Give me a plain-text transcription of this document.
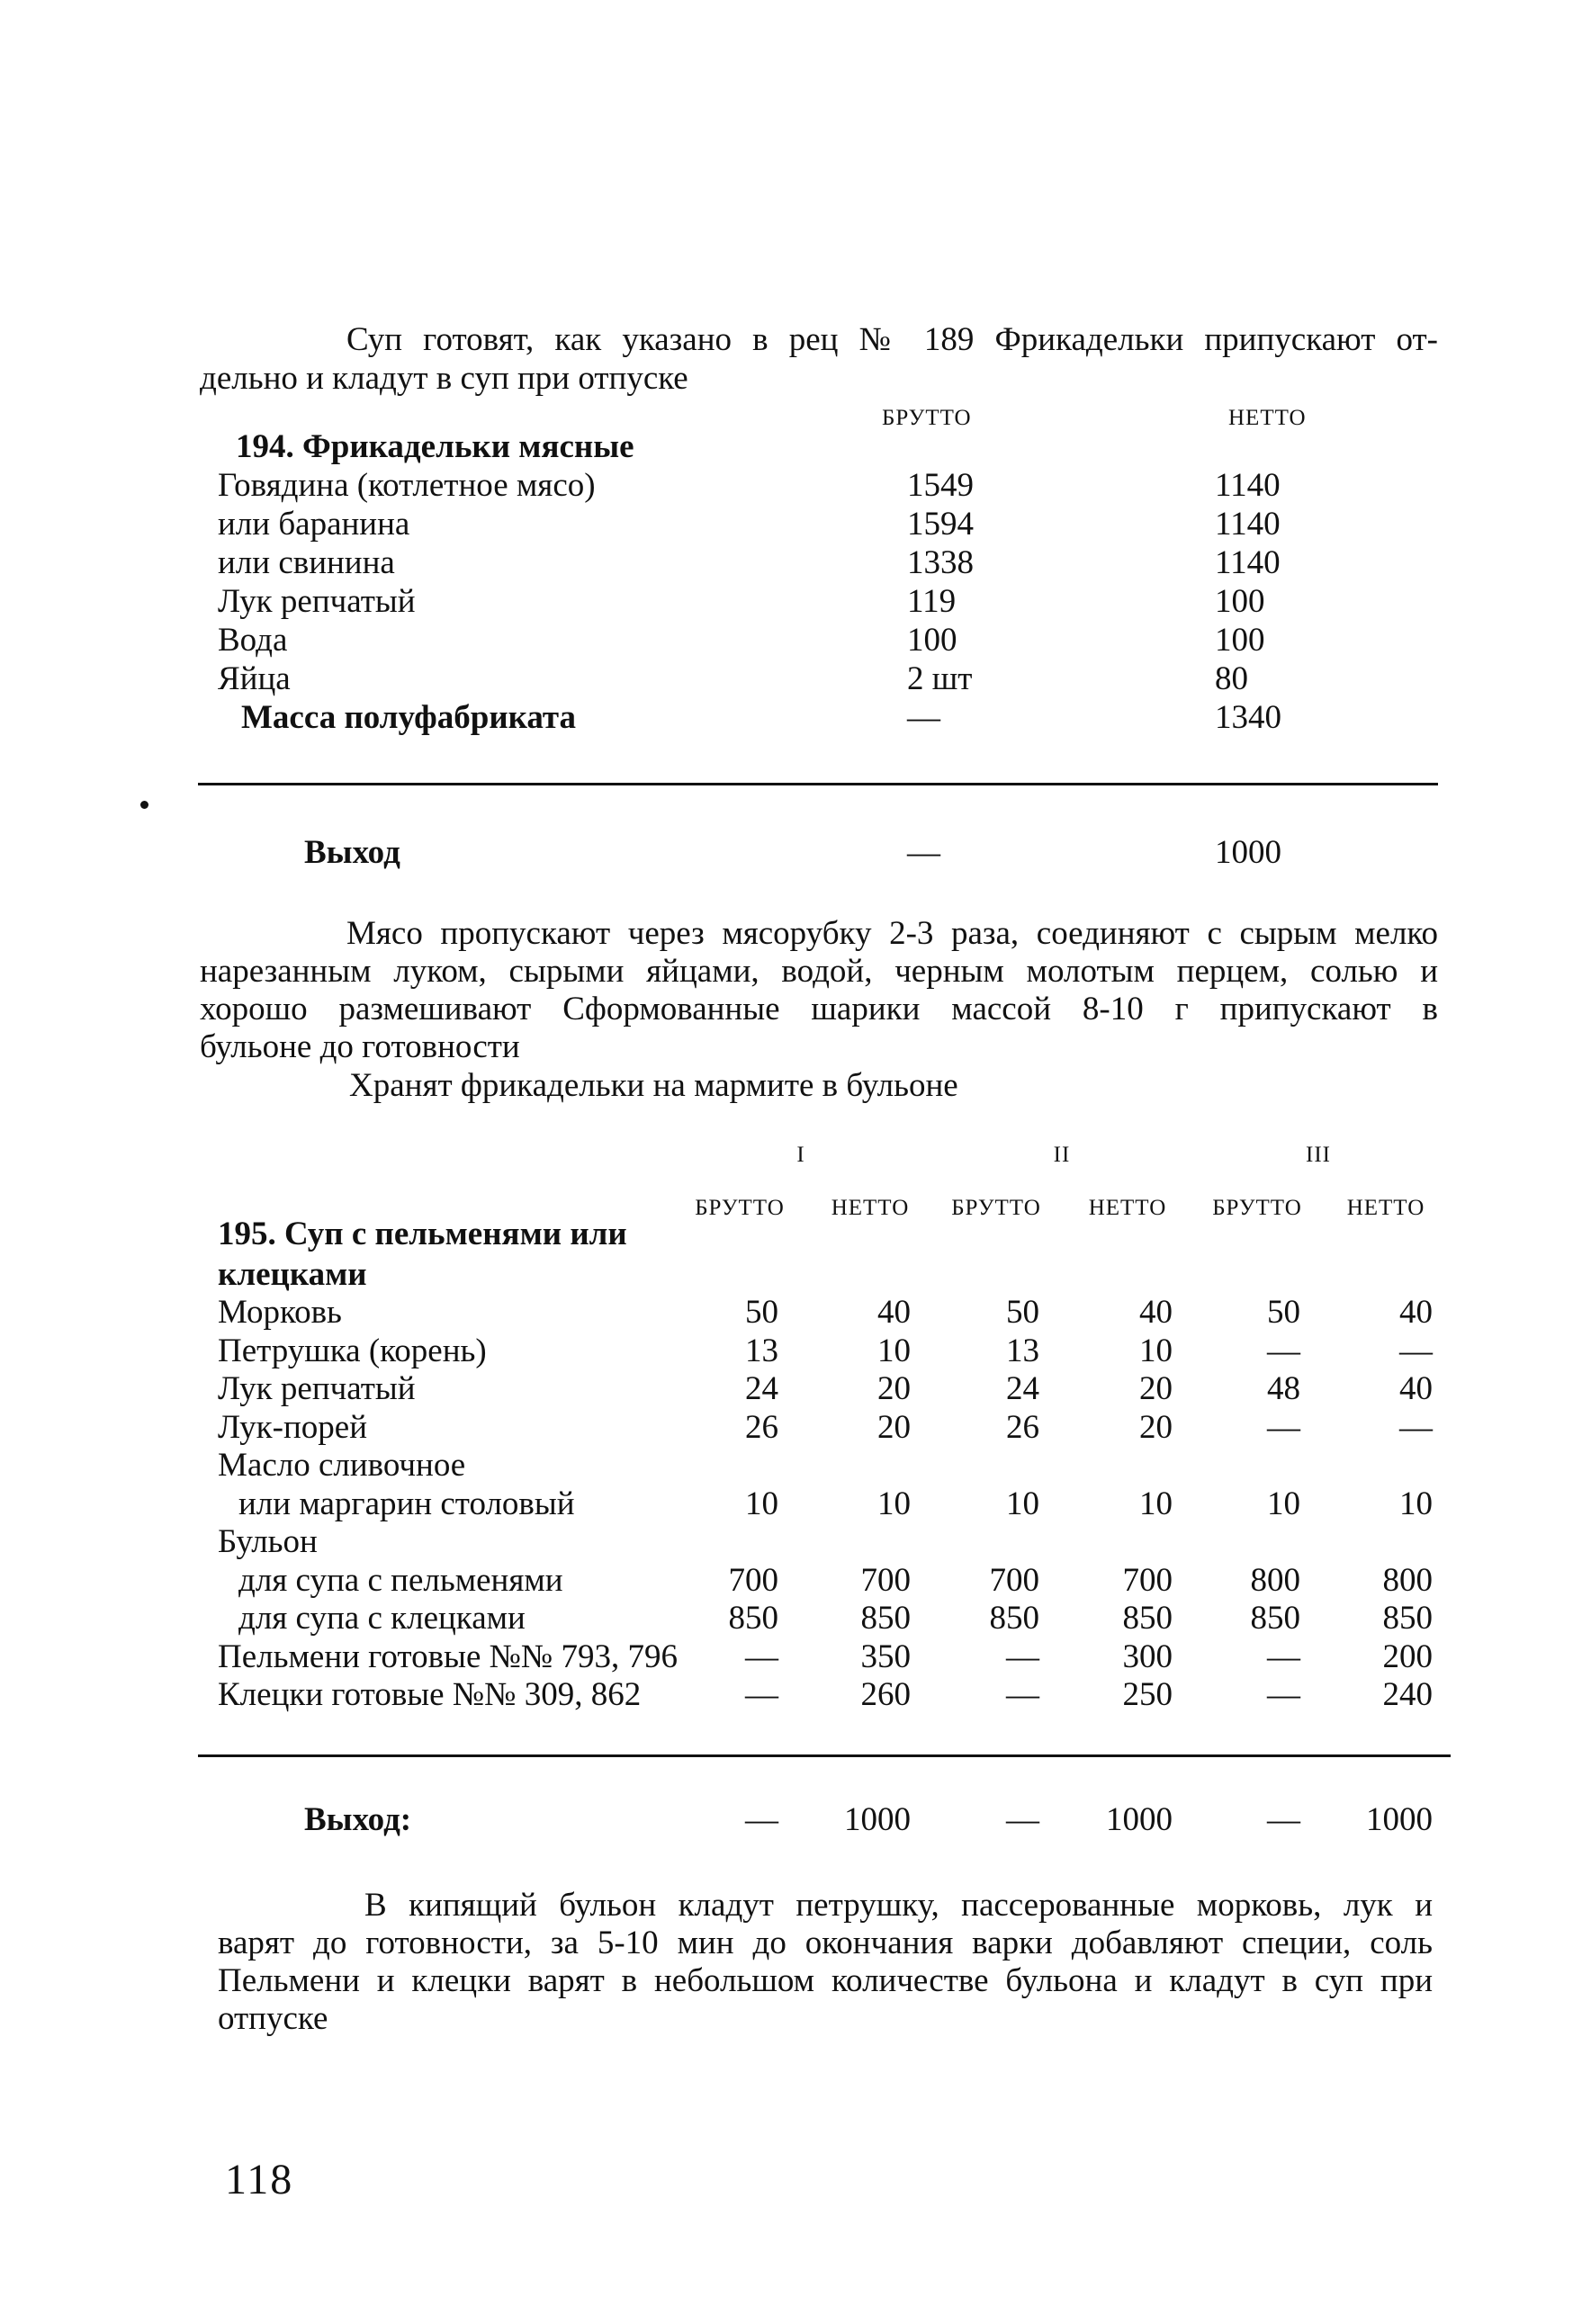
Суп готовят, как указано в рец № 189 Фрикадельки припускают от-
дельно и кладут в суп при отпуске
БРУТТО	НЕТТО
194. Фрикадельки мясные
Говядина (котлетное мясо)	1549	1140
или баранина	1594	1140
или свинина	1338	1140
Лук репчатый	119	100
Вода	100	100
Яйца	2 шт	80
Масса полуфабриката	—	1340
Выход	—	1000
Мясо пропускают через мясорубку 2-3 раза, соединяют с сырым мелко
нарезанным луком, сырыми яйцами, водой, черным молотым перцем, солью и
хорошо размешивают Сформованные шарики массой 8-10 г припускают в
бульоне до готовности
Хранят фрикадельки на мармите в бульоне
I	II	III
БРУТТО	НЕТТО	БРУТТО	НЕТТО	БРУТТО	НЕТТО
195. Суп с пельменями или
клецками
Морковь	50	40	50	40	50	40
Петрушка (корень)	13	10	13	10	—	—
Лук репчатый	24	20	24	20	48	40
Лук-порей	26	20	26	20	—	—
Масло сливочное
или маргарин столовый	10	10	10	10	10	10
Бульон
для супа с пельменями	700	700	700	700	800	800
для супа с клецками	850	850	850	850	850	850
Пельмени готовые №№ 793, 796	—	350	—	300	—	200
Клецки готовые №№ 309, 862	—	260	—	250	—	240
Выход:	—	1000	—	1000	—	1000
В кипящий бульон кладут петрушку, пассерованные морковь, лук и
варят до готовности, за 5-10 мин до окончания варки добавляют специи, соль
Пельмени и клецки варят в небольшом количестве бульона и кладут в суп при
отпуске
118
